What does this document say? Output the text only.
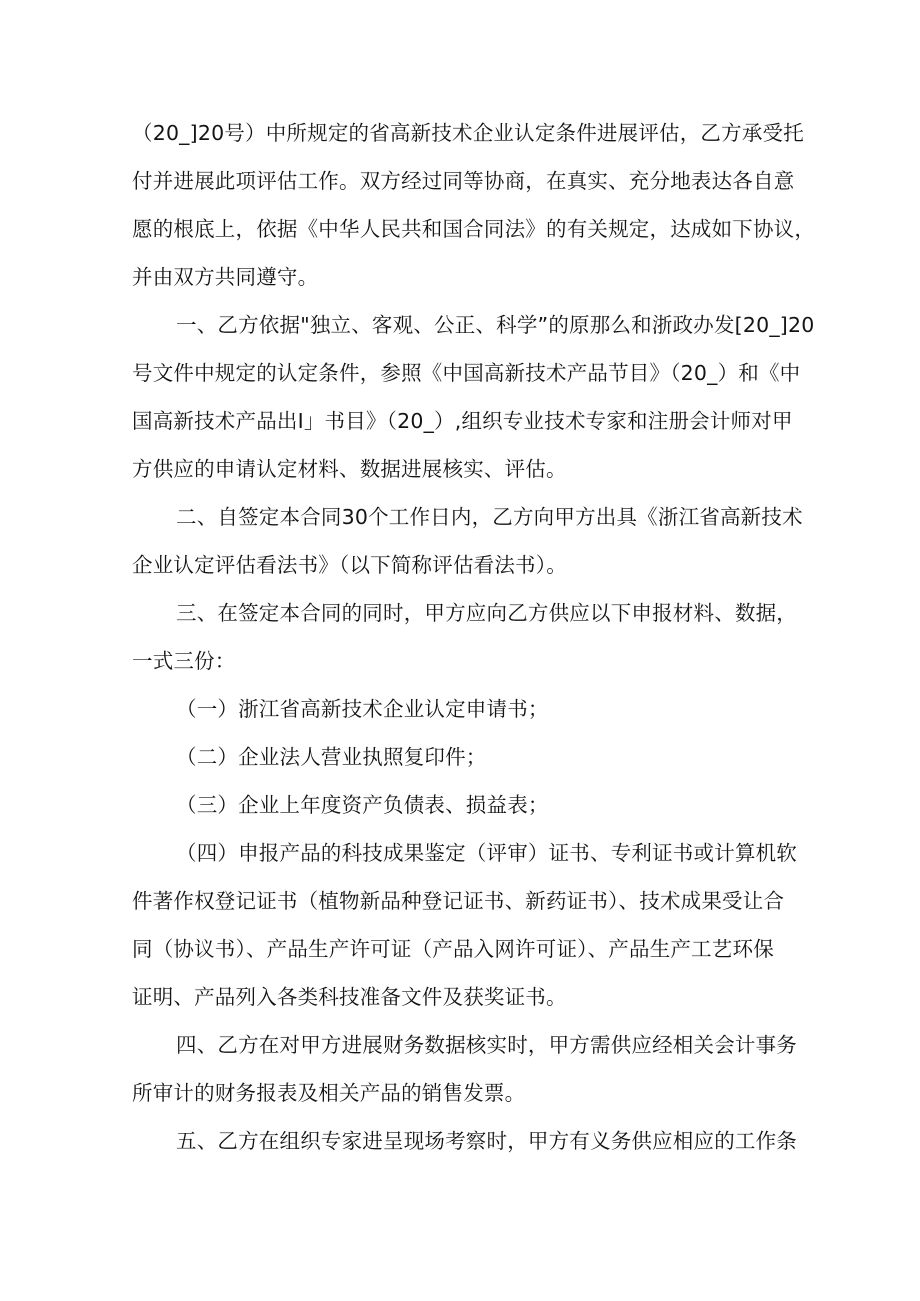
（20_]20号）中所规定的省高新技术企业认定条件进展评估，乙方承受托
付并进展此项评估工作。双方经过同等协商，在真实、充分地表达各自意
愿的根底上，依据《中华人民共和国合同法》的有关规定，达成如下协议，
并由双方共同遵守。
一、乙方依据"独立、客观、公正、科学”的原那么和浙政办发[20_]20
号文件中规定的认定条件，参照《中国高新技术产品节目》（20_）和《中
国高新技术产品出I」书目》（20_）,组织专业技术专家和注册会计师对甲
方供应的申请认定材料、数据进展核实、评估。
二、自签定本合同30个工作日内，乙方向甲方出具《浙江省高新技术
企业认定评估看法书》（以下简称评估看法书）。
三、在签定本合同的同时，甲方应向乙方供应以下申报材料、数据，
一式三份：
（一）浙江省高新技术企业认定申请书；
（二）企业法人营业执照复印件；
（三）企业上年度资产负债表、损益表；
（四）申报产品的科技成果鉴定（评审）证书、专利证书或计算机软
件著作权登记证书（植物新品种登记证书、新药证书）、技术成果受让合
同（协议书）、产品生产许可证（产品入网许可证）、产品生产工艺环保
证明、产品列入各类科技准备文件及获奖证书。
四、乙方在对甲方进展财务数据核实时，甲方需供应经相关会计事务
所审计的财务报表及相关产品的销售发票。
五、乙方在组织专家进呈现场考察时，甲方有义务供应相应的工作条
